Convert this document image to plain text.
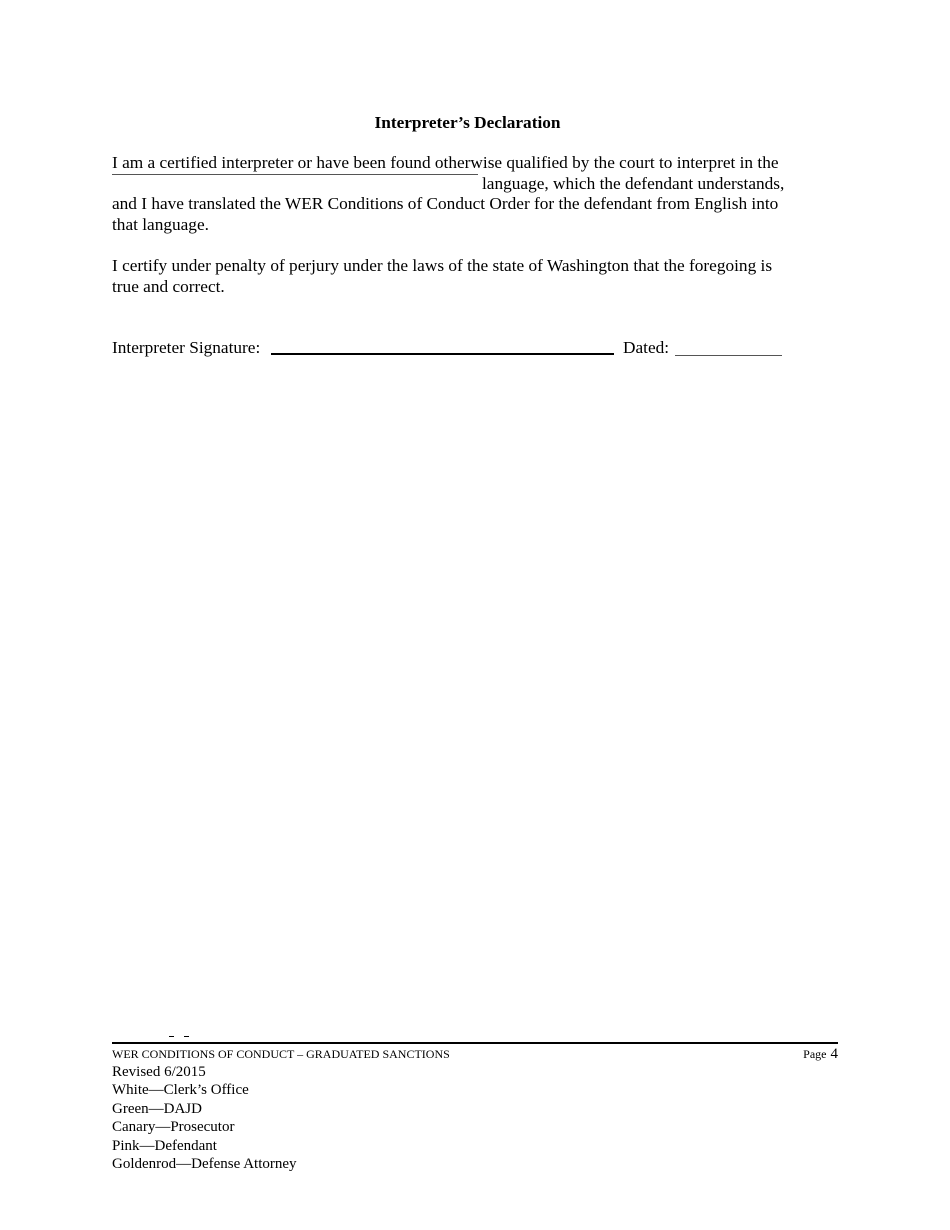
Interpreter’s Declaration
I am a certified interpreter or have been found otherwise qualified by the court to interpret in the
language, which the defendant understands,
and I have translated the WER Conditions of Conduct Order for the defendant from English into
that language.
I certify under penalty of perjury under the laws of the state of Washington that the foregoing is
true and correct.
Interpreter Signature:	Dated:
WER CONDITIONS OF CONDUCT – GRADUATED SANCTIONS	Page 4
Revised 6/2015
White—Clerk’s Office
Green—DAJD
Canary—Prosecutor
Pink—Defendant
Goldenrod—Defense Attorney
